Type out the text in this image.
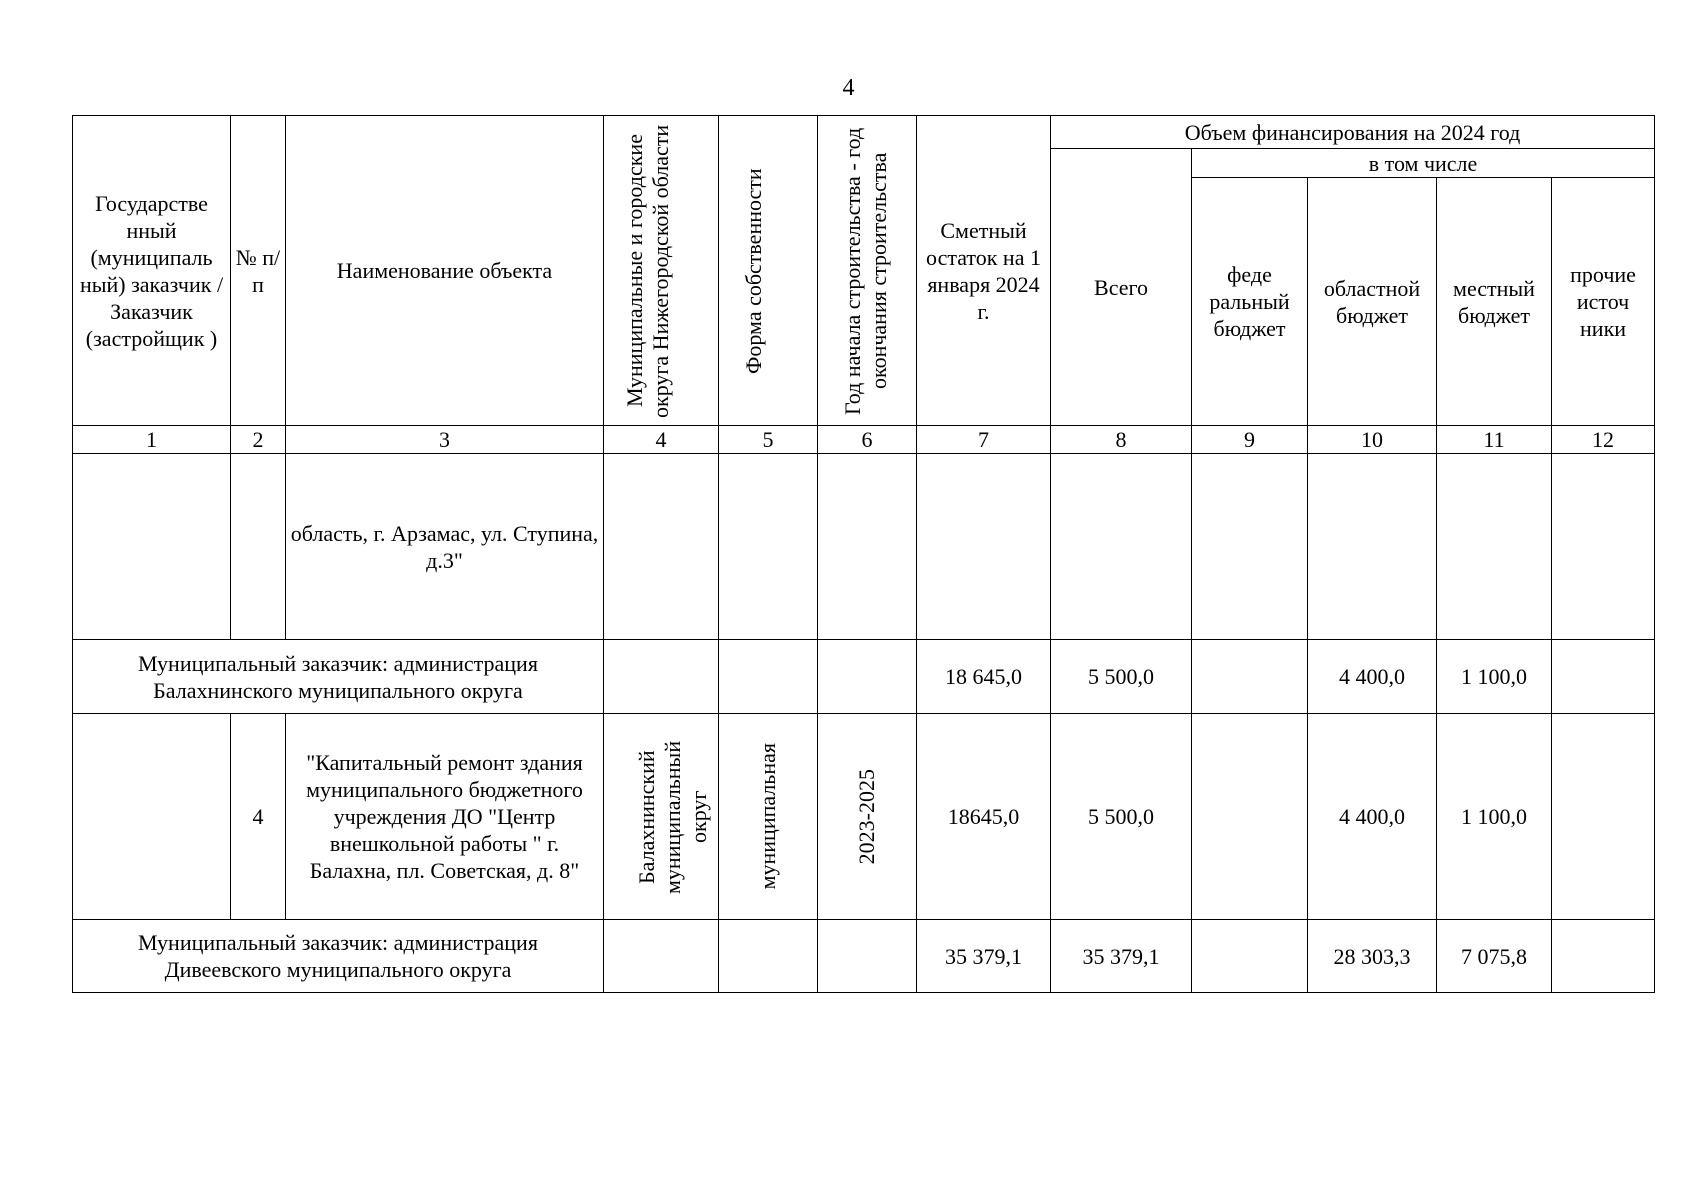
4
Государстве нный (муниципаль ный) заказчик / Заказчик (застройщик )	№ п/п	Наименование объекта	Муниципальные и городские округа Нижегородской области	Форма собственности	Год начала строительства - год окончания строительства	Сметный остаток на 1 января 2024 г.	Объем финансирования на 2024 год				
							Всего	в том числе			
								феде ральный бюджет	областной бюджет	местный бюджет	прочие источ ники
1	2	3	4	5	6	7	8	9	10	11	12
		область, г. Арзамас, ул. Ступина, д.3"									
Муниципальный заказчик: администрация Балахнинского муниципального округа						18 645,0	5 500,0		4 400,0	1 100,0	
	4	"Капитальный ремонт здания муниципального бюджетного учреждения ДО "Центр внешкольной работы " г. Балахна, пл. Советская, д. 8"	Балахнинский муниципальный округ	муниципальная	2023-2025	18645,0	5 500,0		4 400,0	1 100,0	
Муниципальный заказчик: администрация Дивеевского муниципального округа						35 379,1	35 379,1		28 303,3	7 075,8	
